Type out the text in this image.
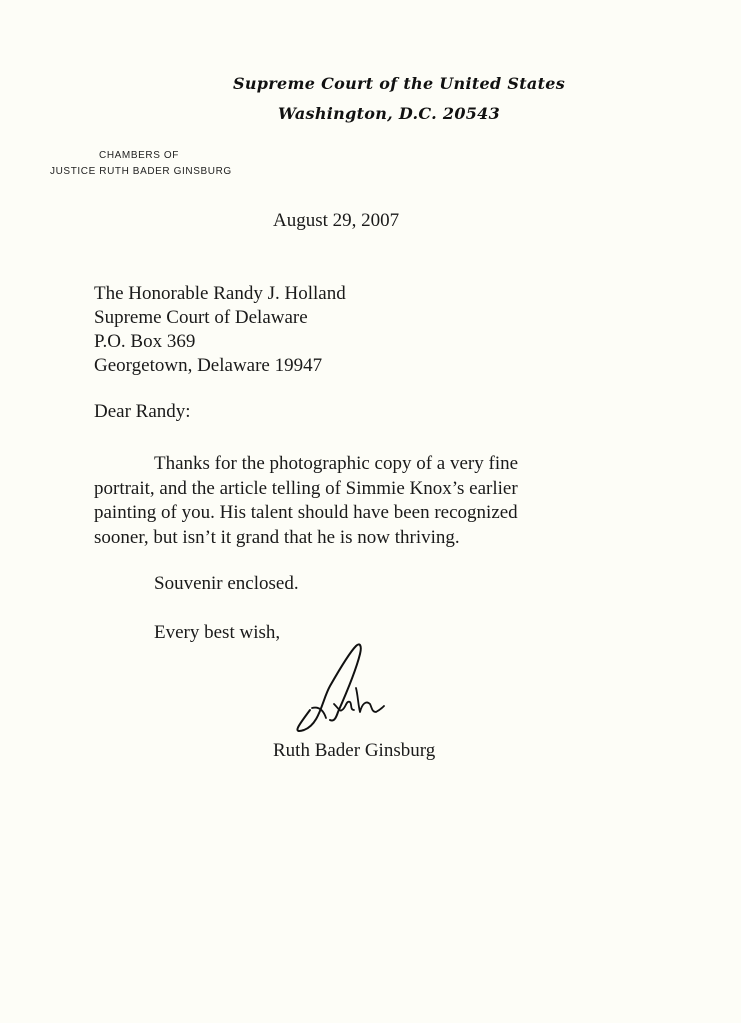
Supreme Court of the United States
Washington, D.C. 20543
CHAMBERS OF
JUSTICE RUTH BADER GINSBURG
August 29, 2007
The Honorable Randy J. Holland
Supreme Court of Delaware
P.O. Box 369
Georgetown, Delaware 19947
Dear Randy:
Thanks for the photographic copy of a very fine
portrait, and the article telling of Simmie Knox’s earlier
painting of you. His talent should have been recognized
sooner, but isn’t it grand that he is now thriving.
Souvenir enclosed.
Every best wish,
Ruth Bader Ginsburg
